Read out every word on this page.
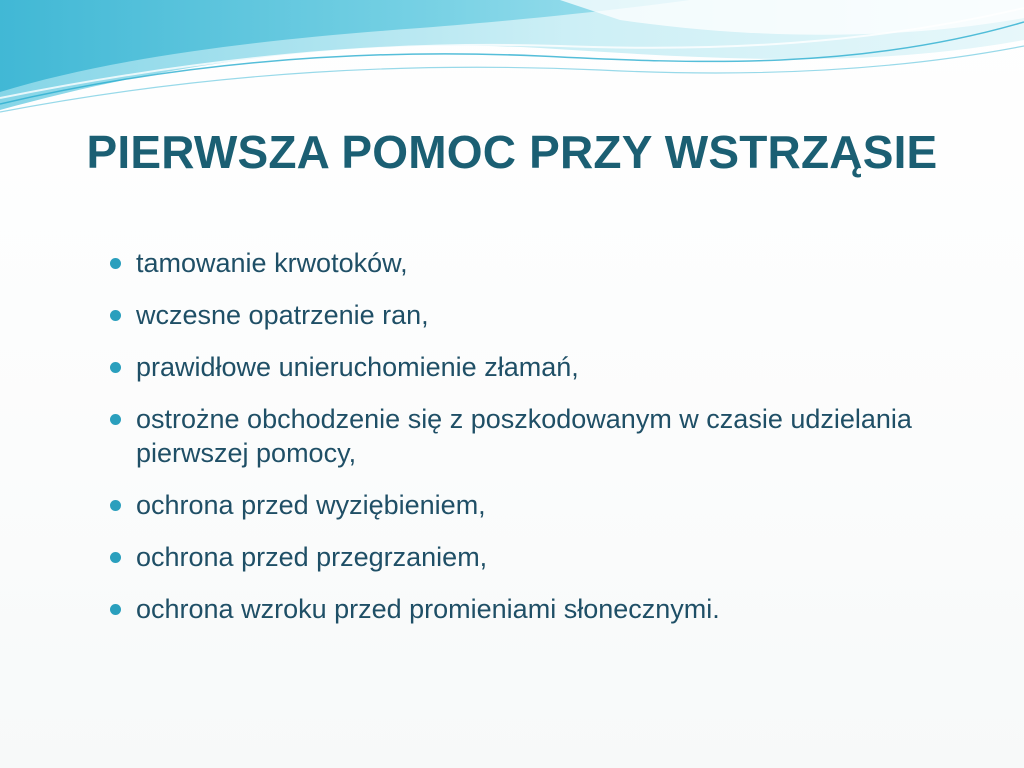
PIERWSZA POMOC PRZY WSTRZĄSIE
tamowanie krwotoków,
wczesne opatrzenie ran,
prawidłowe unieruchomienie złamań,
ostrożne obchodzenie się z poszkodowanym w czasie udzielania pierwszej pomocy,
ochrona przed wyziębieniem,
ochrona przed przegrzaniem,
ochrona wzroku przed promieniami słonecznymi.
